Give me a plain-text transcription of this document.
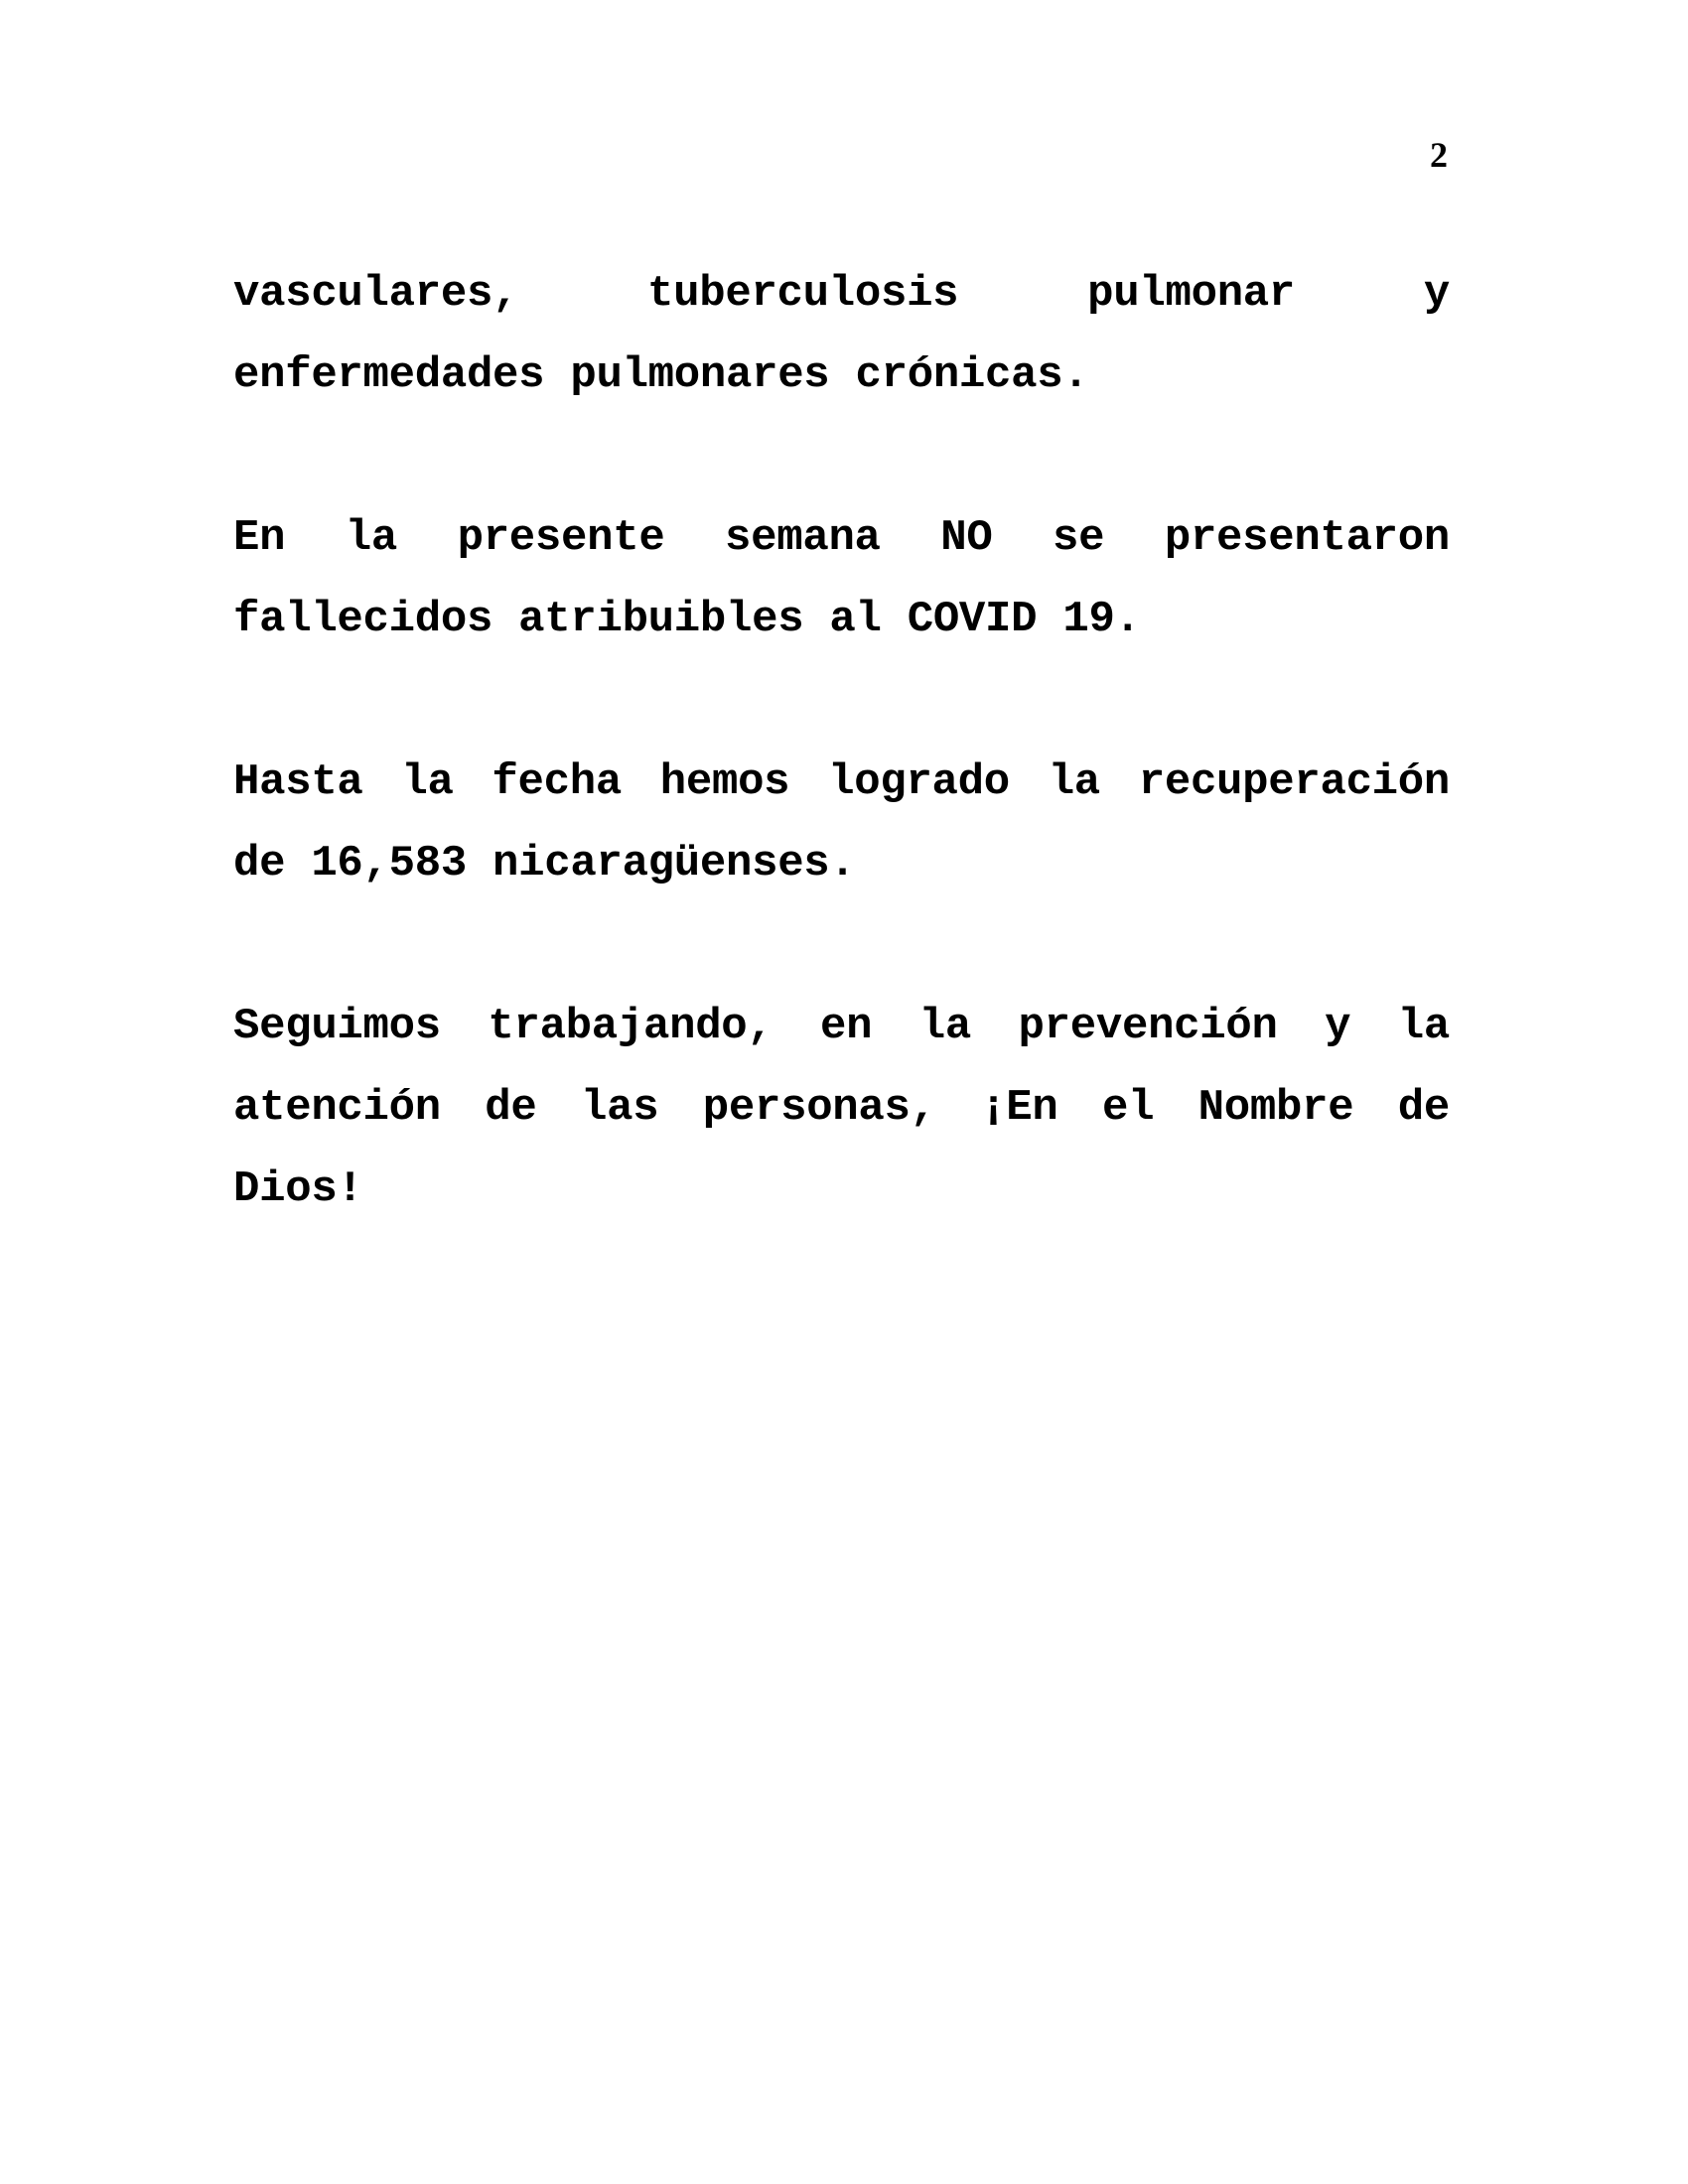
2

vasculares, tuberculosis pulmonar y enfermedades pulmonares crónicas.

En la presente semana NO se presentaron fallecidos atribuibles al COVID 19.

Hasta la fecha hemos logrado la recuperación de 16,583 nicaragüenses.

Seguimos trabajando, en la prevención y la atención de las personas, ¡En el Nombre de Dios!
